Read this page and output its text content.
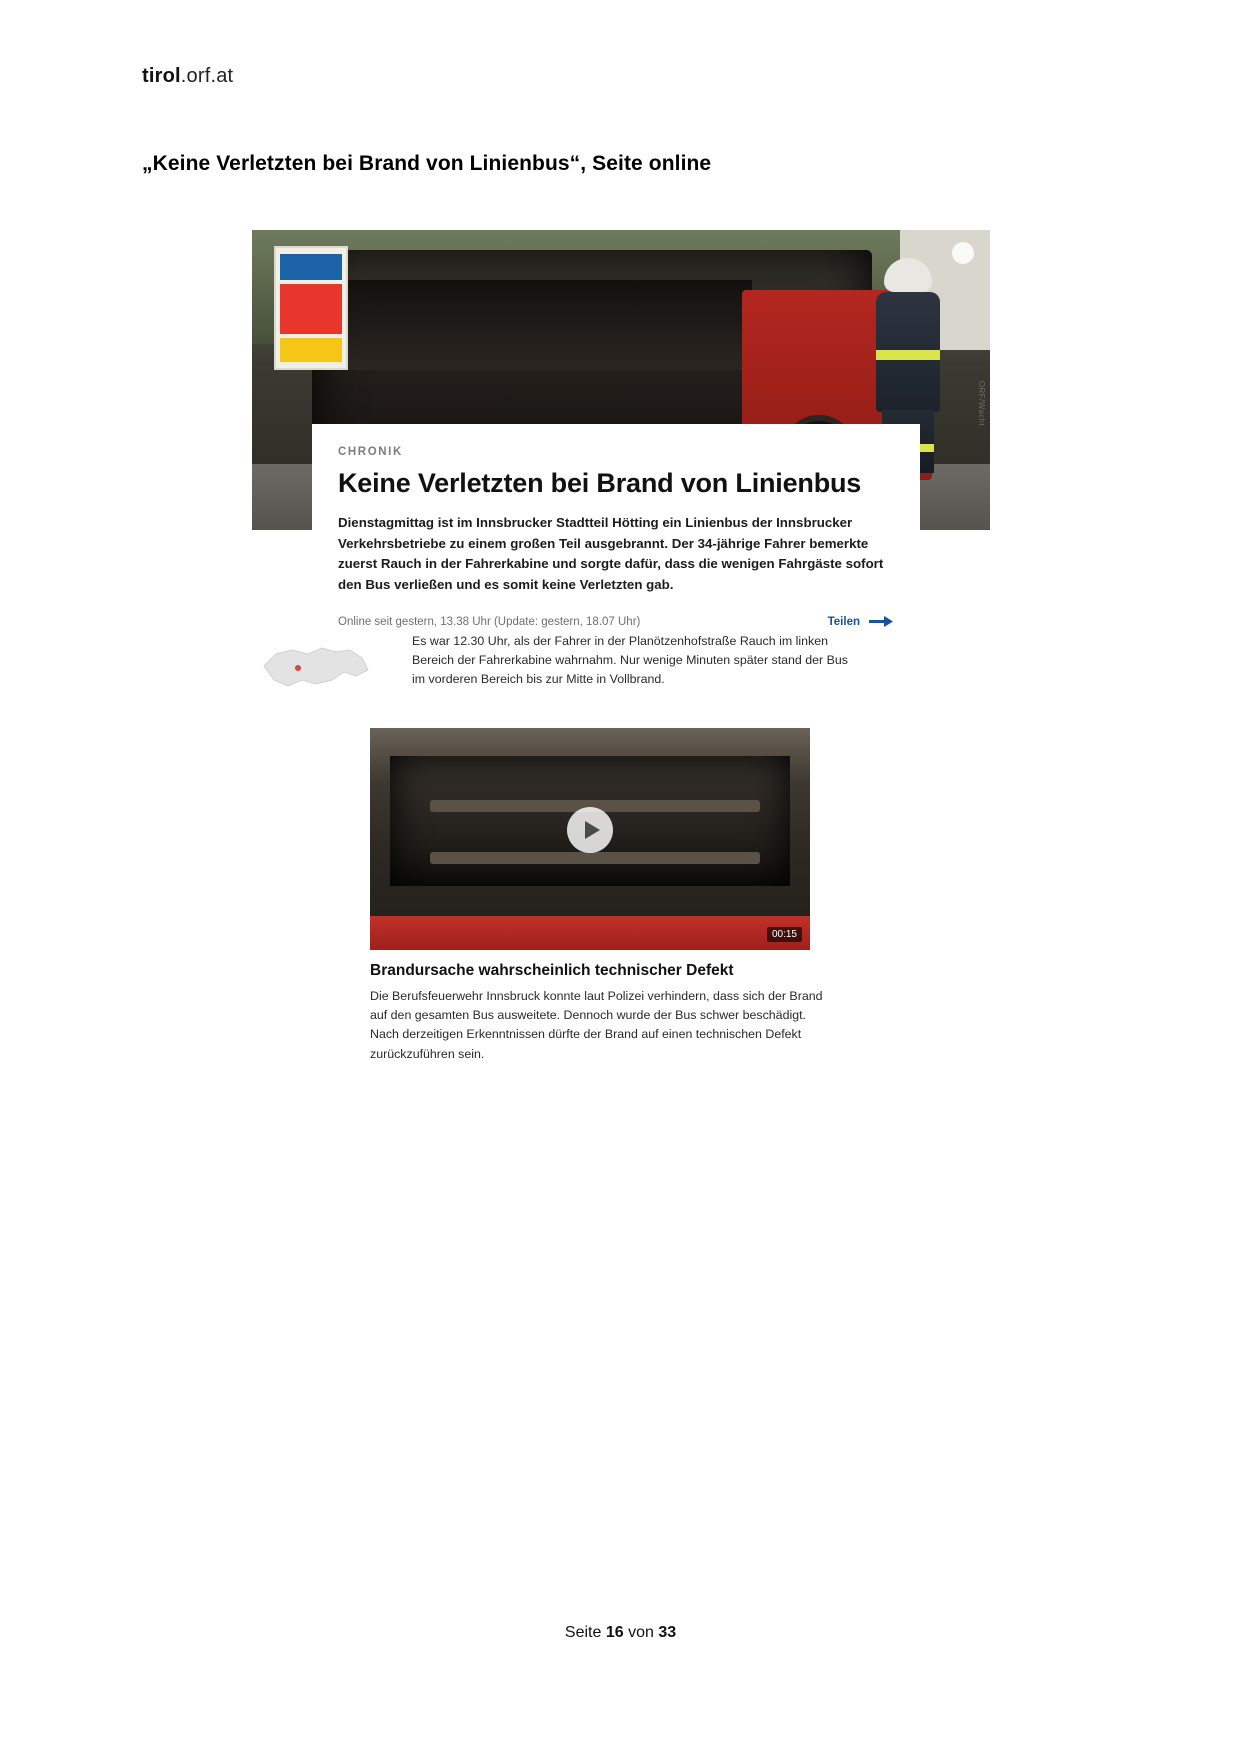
tirol.orf.at
„Keine Verletzten bei Brand von Linienbus“, Seite online
ORF/Wacht
CHRONIK
Keine Verletzten bei Brand von Linienbus
Dienstagmittag ist im Innsbrucker Stadtteil Hötting ein Linienbus der Innsbrucker Verkehrsbetriebe zu einem großen Teil ausgebrannt. Der 34-jährige Fahrer bemerkte zuerst Rauch in der Fahrerkabine und sorgte dafür, dass die wenigen Fahrgäste sofort den Bus verließen und es somit keine Verletzten gab.
Online seit gestern, 13.38 Uhr (Update: gestern, 18.07 Uhr)	Teilen
Es war 12.30 Uhr, als der Fahrer in der Planötzenhofstraße Rauch im linken Bereich der Fahrerkabine wahrnahm. Nur wenige Minuten später stand der Bus im vorderen Bereich bis zur Mitte in Vollbrand.
00:15
Brandursache wahrscheinlich technischer Defekt
Die Berufsfeuerwehr Innsbruck konnte laut Polizei verhindern, dass sich der Brand auf den gesamten Bus ausweitete. Dennoch wurde der Bus schwer beschädigt. Nach derzeitigen Erkenntnissen dürfte der Brand auf einen technischen Defekt zurückzuführen sein.
Seite 16 von 33
